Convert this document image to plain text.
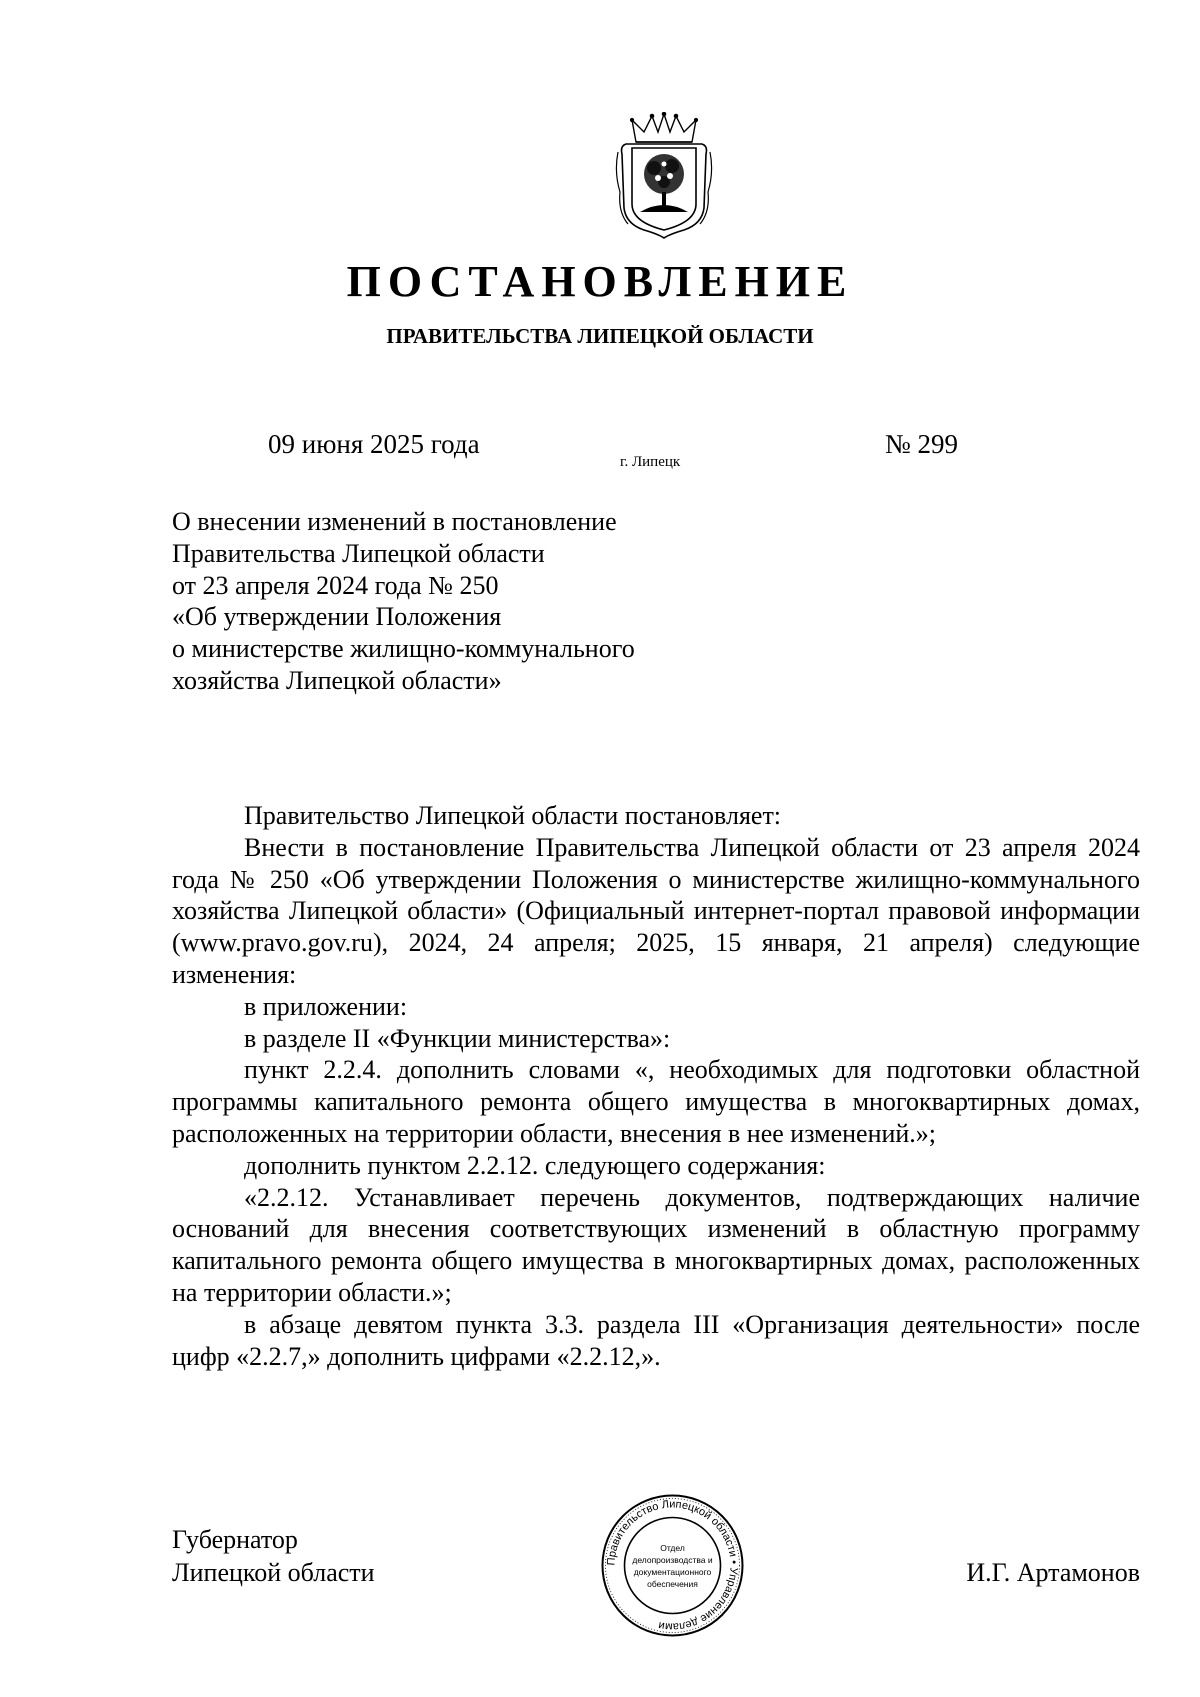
ПОСТАНОВЛЕНИЕ
ПРАВИТЕЛЬСТВА ЛИПЕЦКОЙ ОБЛАСТИ
09 июня 2025 года
г. Липецк
№ 299
О внесении изменений в постановление
Правительства Липецкой области
от 23 апреля 2024 года № 250
«Об утверждении Положения
о министерстве жилищно-коммунального
хозяйства Липецкой области»

Правительство Липецкой области постановляет:

Внести в постановление Правительства Липецкой области от 23 апреля 2024 года № 250 «Об утверждении Положения о министерстве жилищно-коммунального хозяйства Липецкой области» (Официальный интернет-портал правовой информации (www.pravo.gov.ru), 2024, 24 апреля; 2025, 15 января, 21 апреля) следующие изменения:

в приложении:

в разделе II «Функции министерства»:

пункт 2.2.4. дополнить словами «, необходимых для подготовки областной программы капитального ремонта общего имущества в многоквартирных домах, расположенных на территории области, внесения в нее изменений.»;

дополнить пунктом 2.2.12. следующего содержания:

«2.2.12. Устанавливает перечень документов, подтверждающих наличие оснований для внесения соответствующих изменений в областную программу капитального ремонта общего имущества в многоквартирных домах, расположенных на территории области.»;

в абзаце девятом пункта 3.3. раздела III «Организация деятельности» после цифр «2.2.7,» дополнить цифрами «2.2.12,».

Губернатор
Липецкой области	Правительство Липецкой области • Управление делами
Отдел
делопроизводства и
документационного
обеспечения	И.Г. Артамонов
